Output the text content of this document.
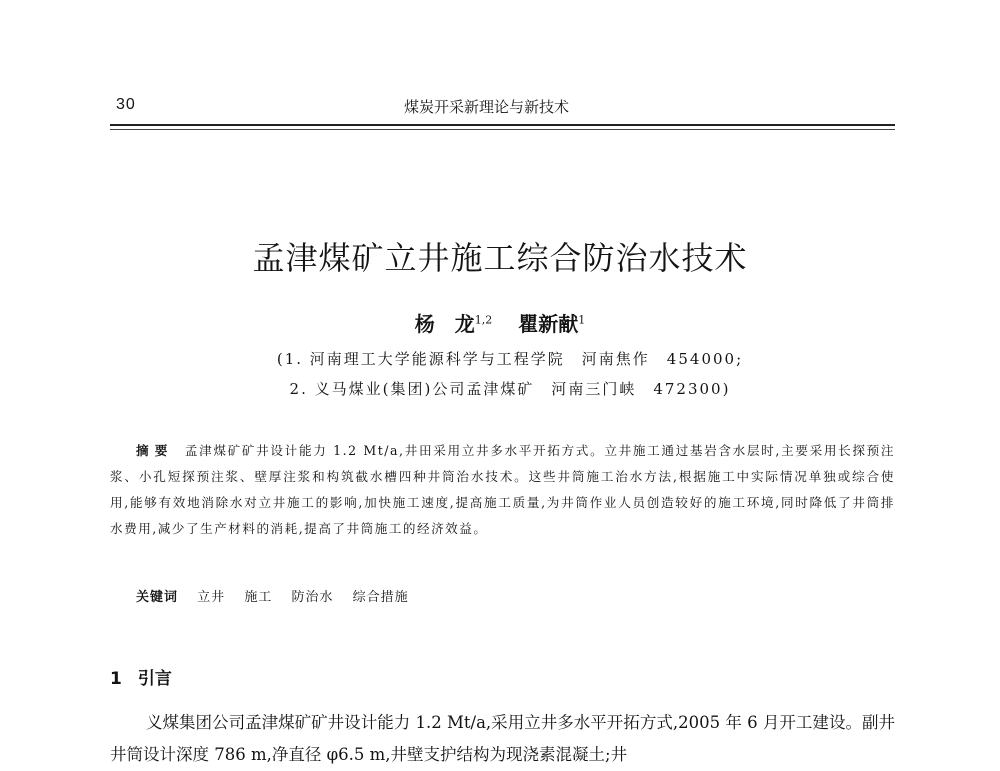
30	煤炭开采新理论与新技术
孟津煤矿立井施工综合防治水技术
杨　龙$^{1,2}$ 瞿新献$^1$
(1. 河南理工大学能源科学与工程学院　河南焦作　454000;
2. 义马煤业(集团)公司孟津煤矿　河南三门峡　472300)
摘要 孟津煤矿矿井设计能力 1.2 Mt/a,井田采用立井多水平开拓方式。立井施工通过基岩含水层时,主要采用长探预注浆、小孔短探预注浆、壁厚注浆和构筑截水槽四种井筒治水技术。这些井筒施工治水方法,根据施工中实际情况单独或综合使用,能够有效地消除水对立井施工的影响,加快施工速度,提高施工质量,为井筒作业人员创造较好的施工环境,同时降低了井筒排水费用,减少了生产材料的消耗,提高了井筒施工的经济效益。
关键词 立井 施工 防治水 综合措施
1 引言
义煤集团公司孟津煤矿矿井设计能力 1.2 Mt/a,采用立井多水平开拓方式,2005 年 6 月开工建设。副井井筒设计深度 786 m,净直径 φ6.5 m,井壁支护结构为现浇素混凝土;井
